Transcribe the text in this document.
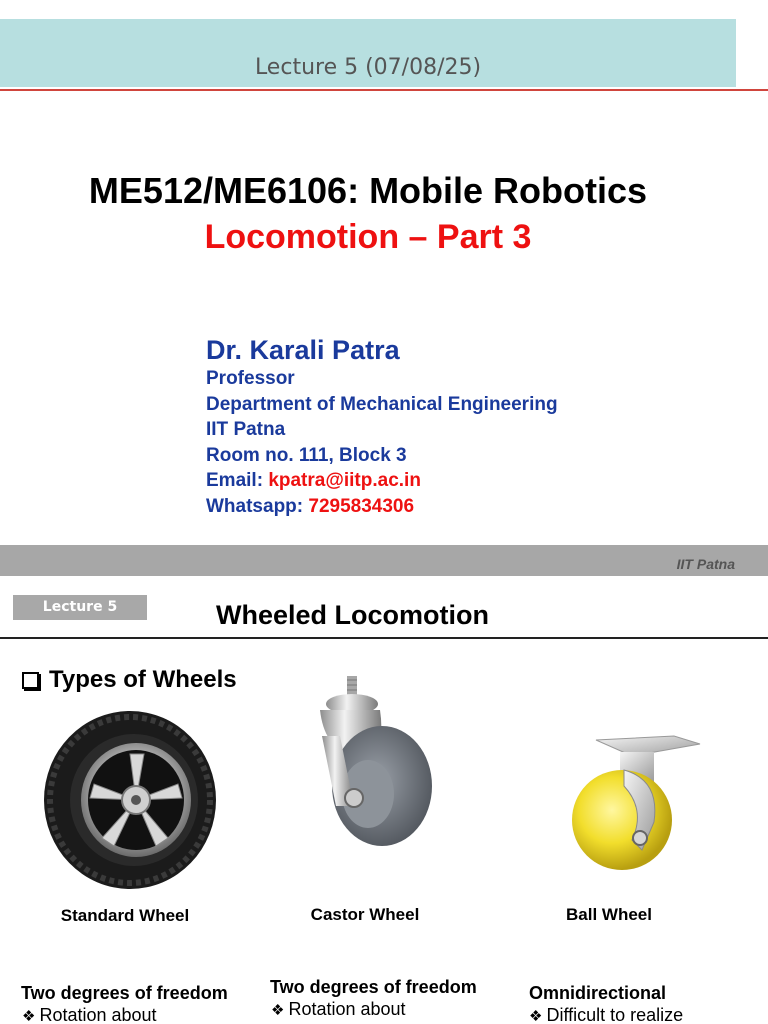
Lecture 5 (07/08/25)
ME512/ME6106: Mobile Robotics
Locomotion – Part 3
Dr. Karali Patra
Professor
Department of Mechanical Engineering
IIT Patna
Room no. 111, Block 3
Email: kpatra@iitp.ac.in
Whatsapp: 7295834306
IIT Patna
Lecture 5	Wheeled Locomotion
Types of Wheels
Standard Wheel	Castor Wheel	Ball Wheel
Two degrees of freedom
❖ Rotation about
Two degrees of freedom
❖ Rotation about
Omnidirectional
❖ Difficult to realize
